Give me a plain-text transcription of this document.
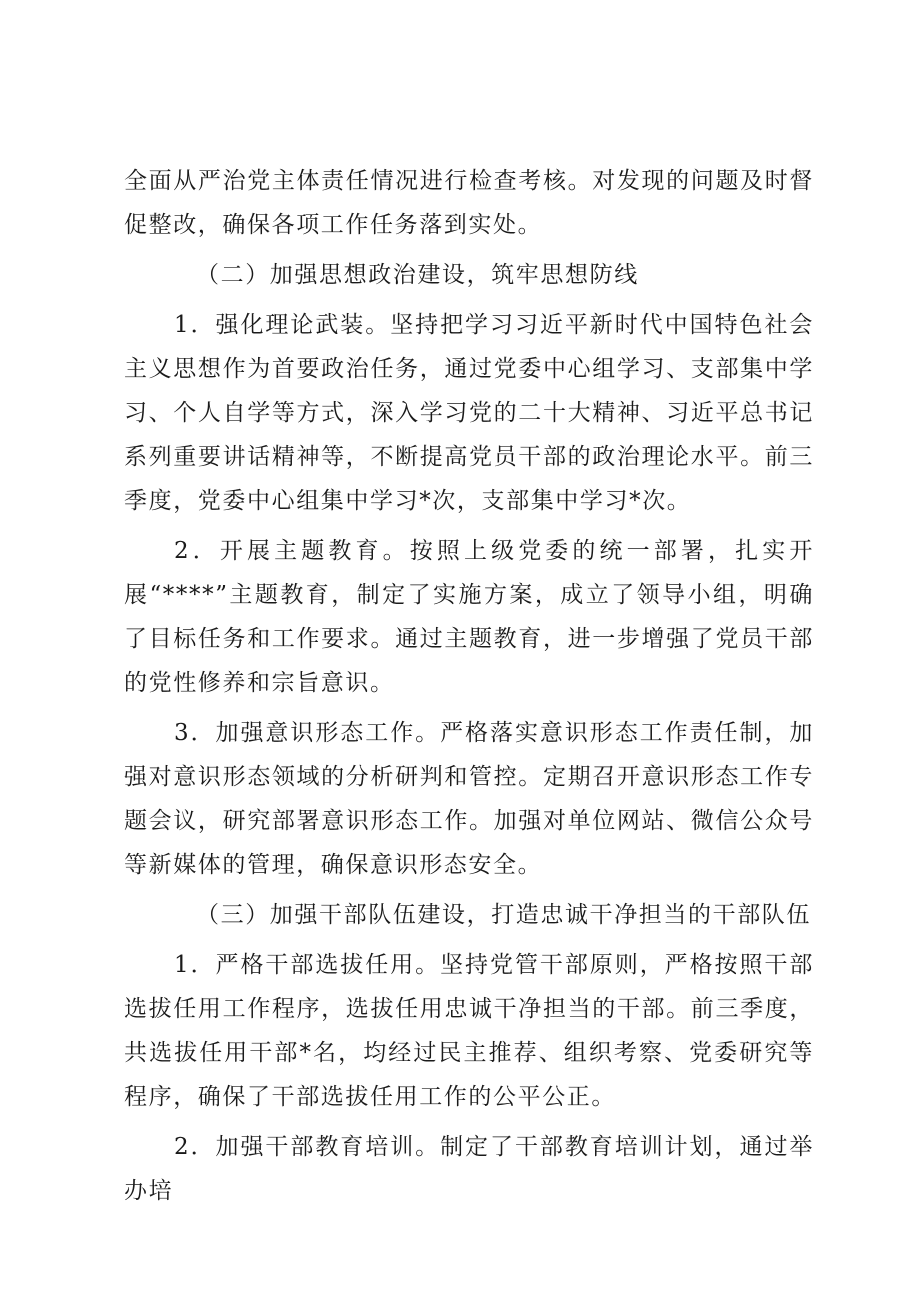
全面从严治党主体责任情况进行检查考核。对发现的问题及时督促整改，确保各项工作任务落到实处。

（二）加强思想政治建设，筑牢思想防线

1．强化理论武装。坚持把学习习近平新时代中国特色社会主义思想作为首要政治任务，通过党委中心组学习、支部集中学习、个人自学等方式，深入学习党的二十大精神、习近平总书记系列重要讲话精神等，不断提高党员干部的政治理论水平。前三季度，党委中心组集中学习*次，支部集中学习*次。

2．开展主题教育。按照上级党委的统一部署，扎实开展“****”主题教育，制定了实施方案，成立了领导小组，明确了目标任务和工作要求。通过主题教育，进一步增强了党员干部的党性修养和宗旨意识。

3．加强意识形态工作。严格落实意识形态工作责任制，加强对意识形态领域的分析研判和管控。定期召开意识形态工作专题会议，研究部署意识形态工作。加强对单位网站、微信公众号等新媒体的管理，确保意识形态安全。

（三）加强干部队伍建设，打造忠诚干净担当的干部队伍

1．严格干部选拔任用。坚持党管干部原则，严格按照干部选拔任用工作程序，选拔任用忠诚干净担当的干部。前三季度，共选拔任用干部*名，均经过民主推荐、组织考察、党委研究等程序，确保了干部选拔任用工作的公平公正。

2．加强干部教育培训。制定了干部教育培训计划，通过举办培
